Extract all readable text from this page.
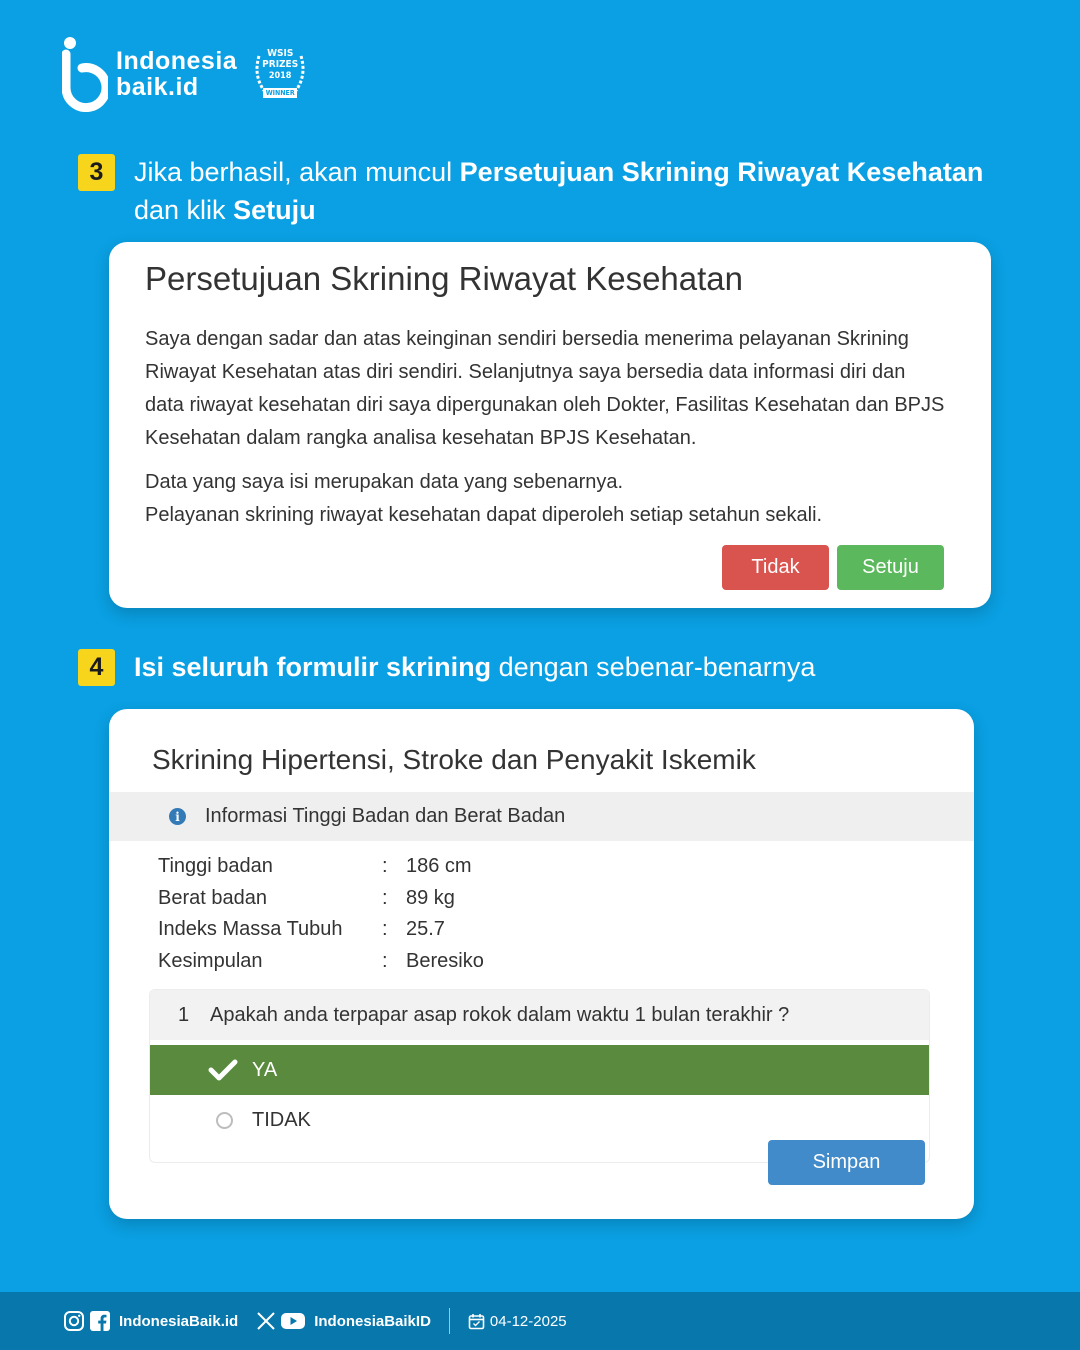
Indonesia
baik.id
WSIS
PRIZES
2018
WINNER
3	Jika berhasil, akan muncul Persetujuan Skrining Riwayat Kesehatan
dan klik Setuju
Persetujuan Skrining Riwayat Kesehatan

Saya dengan sadar dan atas keinginan sendiri bersedia menerima pelayanan Skrining Riwayat Kesehatan atas diri sendiri. Selanjutnya saya bersedia data informasi diri dan data riwayat kesehatan diri saya dipergunakan oleh Dokter, Fasilitas Kesehatan dan BPJS Kesehatan dalam rangka analisa kesehatan BPJS Kesehatan.

Data yang saya isi merupakan data yang sebenarnya.
Pelayanan skrining riwayat kesehatan dapat diperoleh setiap setahun sekali.
Tidak	Setuju
4	Isi seluruh formulir skrining dengan sebenar-benarnya
Skrining Hipertensi, Stroke dan Penyakit Iskemik
i	Informasi Tinggi Badan dan Berat Badan
Tinggi badan	: 186 cm
Berat badan	: 89 kg
Indeks Massa Tubuh	: 25.7
Kesimpulan	: Beresiko
1	Apakah anda terpapar asap rokok dalam waktu 1 bulan terakhir ?
YA
TIDAK
Simpan
IndonesiaBaik.id	IndonesiaBaikID	04-12-2025
